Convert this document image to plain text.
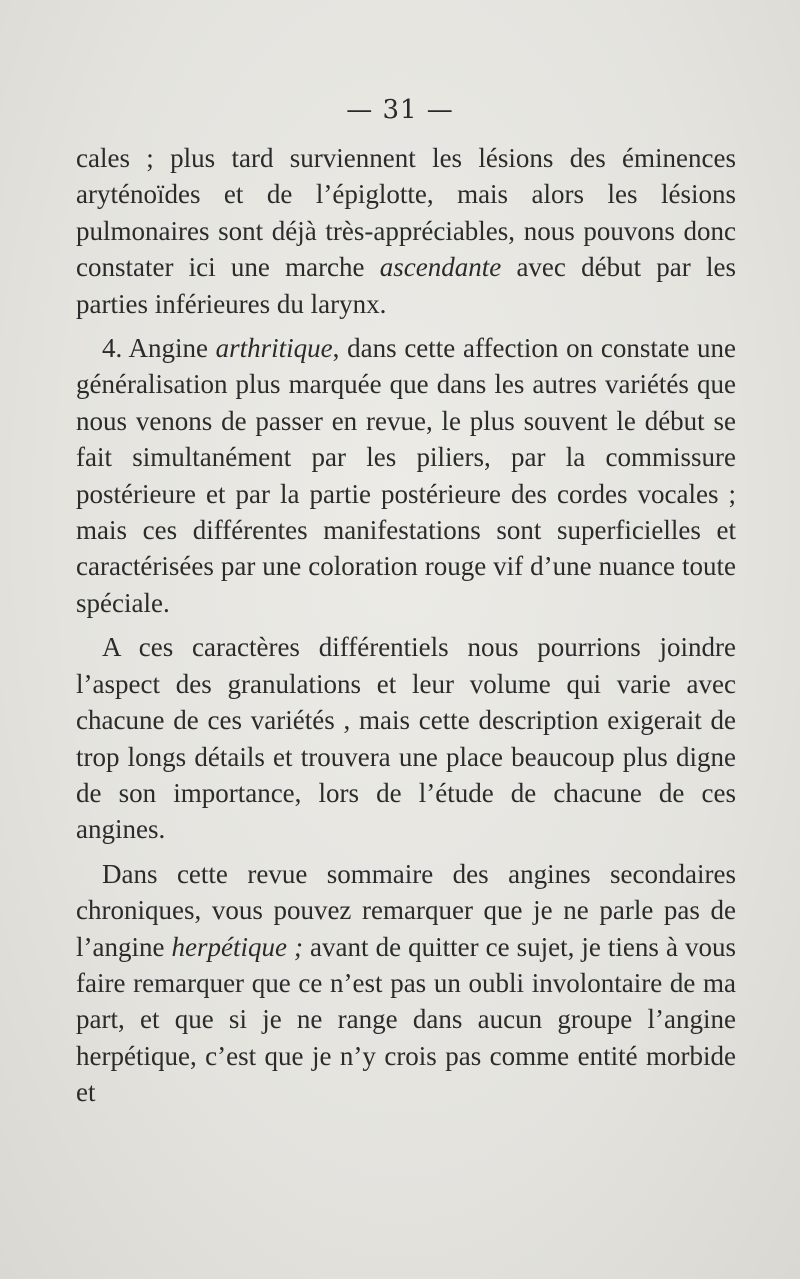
— 31 —

cales ; plus tard surviennent les lésions des éminences aryténoïdes et de l’épiglotte, mais alors les lésions pulmonaires sont déjà très-appréciables, nous pouvons donc constater ici une marche ascendante avec début par les parties inférieures du larynx.

4. Angine arthritique, dans cette affection on constate une généralisation plus marquée que dans les autres variétés que nous venons de passer en revue, le plus souvent le début se fait simultanément par les piliers, par la commissure postérieure et par la partie postérieure des cordes vocales ; mais ces différentes manifestations sont superficielles et caractérisées par une coloration rouge vif d’une nuance toute spéciale.

A ces caractères différentiels nous pourrions joindre l’aspect des granulations et leur volume qui varie avec chacune de ces variétés , mais cette description exigerait de trop longs détails et trouvera une place beaucoup plus digne de son importance, lors de l’étude de chacune de ces angines.

Dans cette revue sommaire des angines secondaires chroniques, vous pouvez remarquer que je ne parle pas de l’angine herpétique ; avant de quitter ce sujet, je tiens à vous faire remarquer que ce n’est pas un oubli involontaire de ma part, et que si je ne range dans aucun groupe l’angine herpétique, c’est que je n’y crois pas comme entité morbide et
